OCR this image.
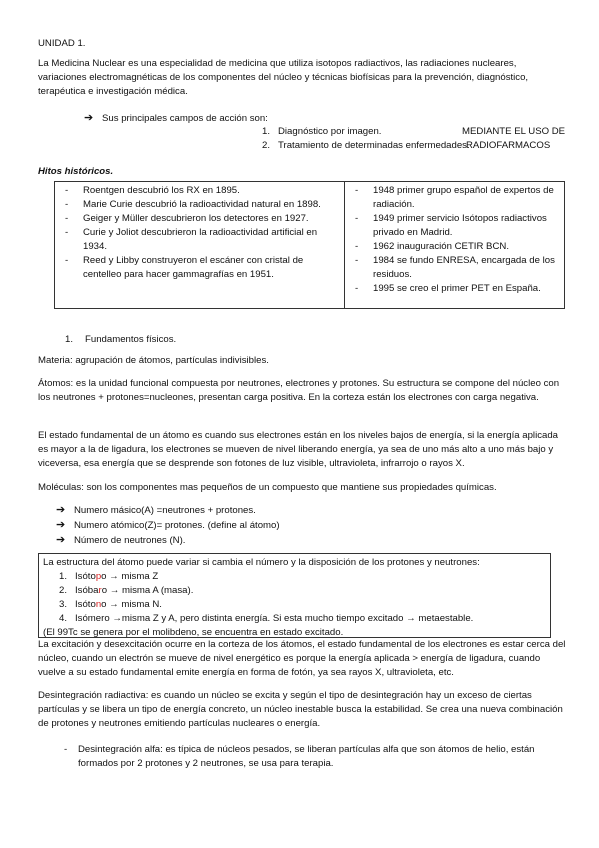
UNIDAD 1.

La Medicina Nuclear es una especialidad de medicina que utiliza isotopos radiactivos, las radiaciones nucleares, variaciones electromagnéticas de los componentes del núcleo y técnicas biofísicas para la prevención, diagnóstico, terapéutica e investigación médica.

➔ Sus principales campos de acción son:

1. Diagnóstico por imagen.	MEDIANTE EL USO DE
2. Tratamiento de determinadas enfermedades.
RADIOFARMACOS

Hitos históricos.

- Roentgen descubrió los RX en 1895.
- Marie Curie descubrió la radioactividad natural en 1898.
- Geiger y Müller descubrieron los detectores en 1927.
- Curie y Joliot descubrieron la radioactividad artificial en 1934.
- Reed y Libby construyeron el escáner con cristal de centelleo para hacer gammagrafías en 1951.
- 1948 primer grupo español de expertos de radiación.
- 1949 primer servicio Isótopos radiactivos privado en Madrid.
- 1962 inauguración CETIR BCN.
- 1984 se fundo ENRESA, encargada de los residuos.
- 1995 se creo el primer PET en España.

1. Fundamentos físicos.

Materia: agrupación de átomos, partículas indivisibles.

Átomos: es la unidad funcional compuesta por neutrones, electrones y protones. Su estructura se compone del núcleo con los neutrones + protones=nucleones, presentan carga positiva. En la corteza están los electrones con carga negativa.

El estado fundamental de un átomo es cuando sus electrones están en los niveles bajos de energía, si la energía aplicada es mayor a la de ligadura, los electrones se mueven de nivel liberando energía, ya sea de uno más alto a uno más bajo y viceversa, esa energía que se desprende son fotones de luz visible, ultravioleta, infrarrojo o rayos X.

Moléculas: son los componentes mas pequeños de un compuesto que mantiene sus propiedades químicas.

➔ Numero másico(A) =neutrones + protones.
➔ Numero atómico(Z)= protones. (define al átomo)
➔ Número de neutrones (N).
La estructura del átomo puede variar si cambia el número y la disposición de los protones y neutrones:
1. Isótopo → misma Z
2. Isóbaro → misma A (masa).
3. Isótono → misma N.
4. Isómero →misma Z y A, pero distinta energía. Si esta mucho tiempo excitado → metaestable.
(El 99Tc se genera por el molibdeno, se encuentra en estado excitado.

La excitación y desexcitación ocurre en la corteza de los átomos, el estado fundamental de los electrones es estar cerca del núcleo, cuando un electrón se mueve de nivel energético es porque la energía aplicada > energía de ligadura, cuando vuelve a su estado fundamental emite energía en forma de fotón, ya sea rayos X, ultravioleta, etc.

Desintegración radiactiva: es cuando un núcleo se excita y según el tipo de desintegración hay un exceso de ciertas partículas y se libera un tipo de energía concreto, un núcleo inestable busca la estabilidad. Se crea una nueva combinación de protones y neutrones emitiendo partículas nucleares o energía.

-	Desintegración alfa: es típica de núcleos pesados, se liberan partículas alfa que son átomos de helio, están formados por 2 protones y 2 neutrones, se usa para terapia.
